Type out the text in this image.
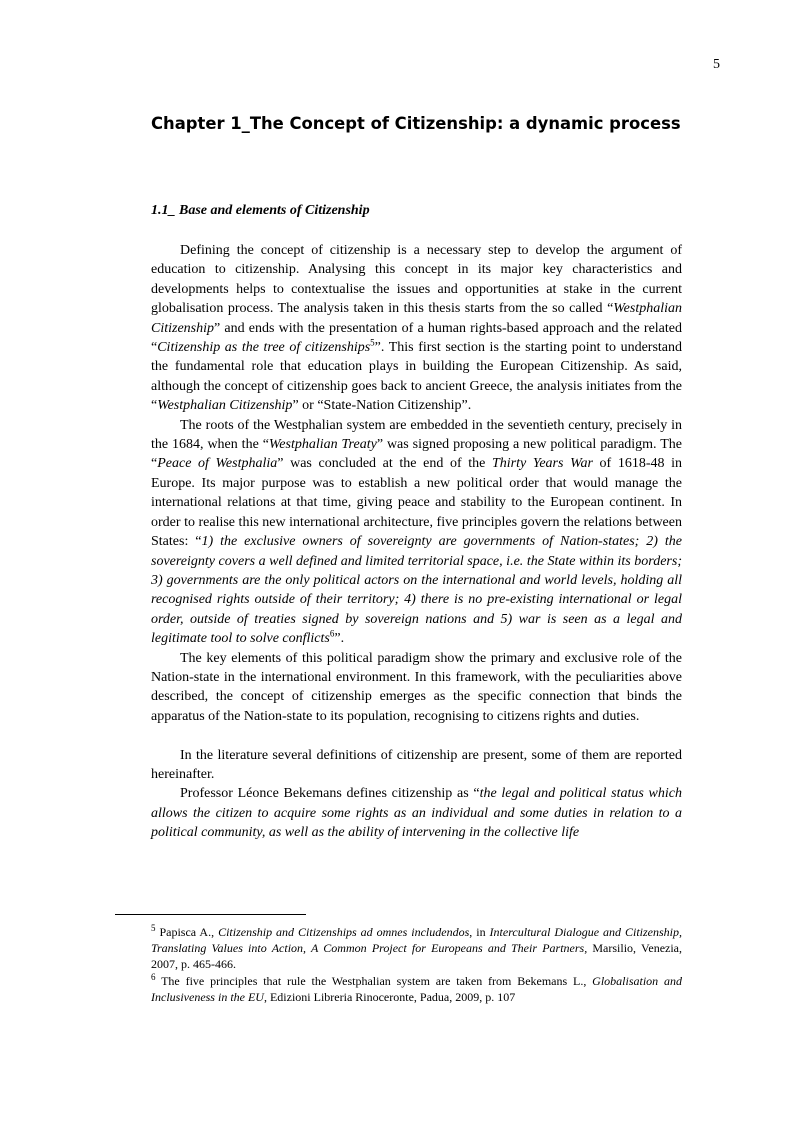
5
Chapter 1_The Concept of Citizenship: a dynamic process
1.1_ Base and elements of Citizenship

Defining the concept of citizenship is a necessary step to develop the argument of education to citizenship. Analysing this concept in its major key characteristics and developments helps to contextualise the issues and opportunities at stake in the current globalisation process. The analysis taken in this thesis starts from the so called “Westphalian Citizenship” and ends with the presentation of a human rights-based approach and the related “Citizenship as the tree of citizenships$^5$”. This first section is the starting point to understand the fundamental role that education plays in building the European Citizenship. As said, although the concept of citizenship goes back to ancient Greece, the analysis initiates from the “Westphalian Citizenship” or “State-Nation Citizenship”.

The roots of the Westphalian system are embedded in the seventieth century, precisely in the 1684, when the “Westphalian Treaty” was signed proposing a new political paradigm. The “Peace of Westphalia” was concluded at the end of the Thirty Years War of 1618-48 in Europe. Its major purpose was to establish a new political order that would manage the international relations at that time, giving peace and stability to the European continent. In order to realise this new international architecture, five principles govern the relations between States: “1) the exclusive owners of sovereignty are governments of Nation-states; 2) the sovereignty covers a well defined and limited territorial space, i.e. the State within its borders; 3) governments are the only political actors on the international and world levels, holding all recognised rights outside of their territory; 4) there is no pre-existing international or legal order, outside of treaties signed by sovereign nations and 5) war is seen as a legal and legitimate tool to solve conflicts$^6$”.

The key elements of this political paradigm show the primary and exclusive role of the Nation-state in the international environment. In this framework, with the peculiarities above described, the concept of citizenship emerges as the specific connection that binds the apparatus of the Nation-state to its population, recognising to citizens rights and duties.

In the literature several definitions of citizenship are present, some of them are reported hereinafter.

Professor Léonce Bekemans defines citizenship as “the legal and political status which allows the citizen to acquire some rights as an individual and some duties in relation to a political community, as well as the ability of intervening in the collective life

$^5$ Papisca A., Citizenship and Citizenships ad omnes includendos, in Intercultural Dialogue and Citizenship, Translating Values into Action, A Common Project for Europeans and Their Partners, Marsilio, Venezia, 2007, p. 465-466.

$^6$ The five principles that rule the Westphalian system are taken from Bekemans L., Globalisation and Inclusiveness in the EU, Edizioni Libreria Rinoceronte, Padua, 2009, p. 107
